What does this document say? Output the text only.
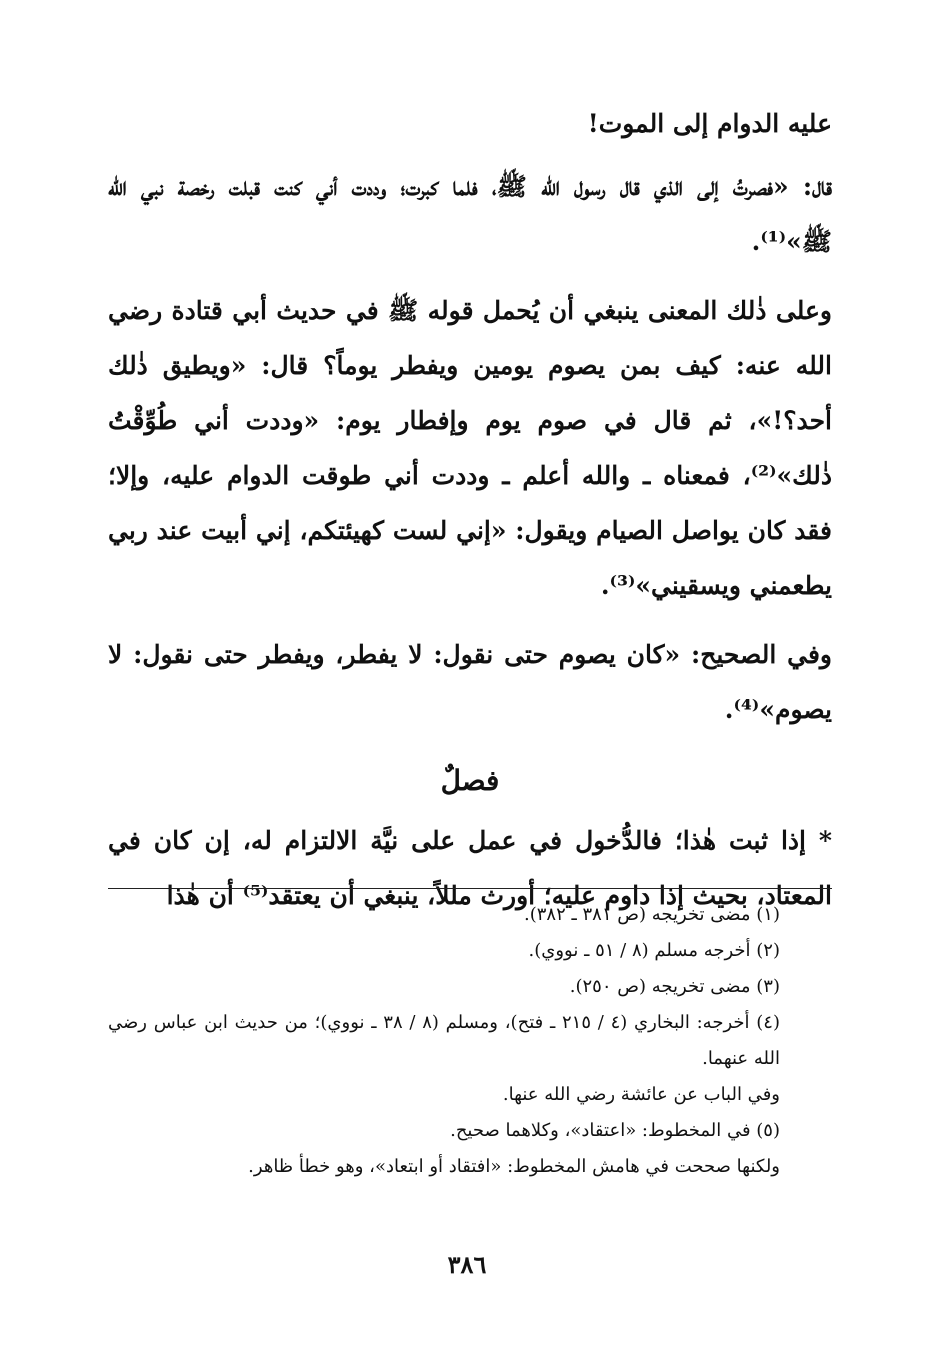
عليه الدوام إلى الموت!

قال: «فصرتُ إلى الذي قال رسول الله ﷺ، فلما كبرت؛ وددت أني كنت قبلت رخصة نبي الله ﷺ»⁽¹⁾.

وعلى ذٰلك المعنى ينبغي أن يُحمل قوله ﷺ في حديث أبي قتادة رضي الله عنه: كيف بمن يصوم يومين ويفطر يوماً؟ قال: «ويطيق ذٰلك أحد؟!»، ثم قال في صوم يوم وإفطار يوم: «وددت أني طُوِّقْتُ ذٰلك»⁽²⁾، فمعناه ـ والله أعلم ـ وددت أني طوقت الدوام عليه، وإلا؛ فقد كان يواصل الصيام ويقول: «إني لست كهيئتكم، إني أبيت عند ربي يطعمني ويسقيني»⁽³⁾.

وفي الصحيح: «كان يصوم حتى نقول: لا يفطر، ويفطر حتى نقول: لا يصوم»⁽⁴⁾.

فصلٌ

* إذا ثبت هٰذا؛ فالدُّخول في عمل على نيَّة الالتزام له، إن كان في المعتاد، بحيث إذا داوم عليه؛ أورث مللاً، ينبغي أن يعتقد⁽⁵⁾ أن هٰذا

(١) مضى تخريجه (ص ٣٨١ ـ ٣٨٢).

(٢) أخرجه مسلم (٨ / ٥١ ـ نووي).

(٣) مضى تخريجه (ص ٢٥٠).

(٤) أخرجه: البخاري (٤ / ٢١٥ ـ فتح)، ومسلم (٨ / ٣٨ ـ نووي)؛ من حديث ابن عباس رضي الله عنهما.

وفي الباب عن عائشة رضي الله عنها.

(٥) في المخطوط: «اعتقاد»، وكلاهما صحيح.

ولكنها صححت في هامش المخطوط: «افتقاد أو ابتعاد»، وهو خطأ ظاهر.

٣٨٦
